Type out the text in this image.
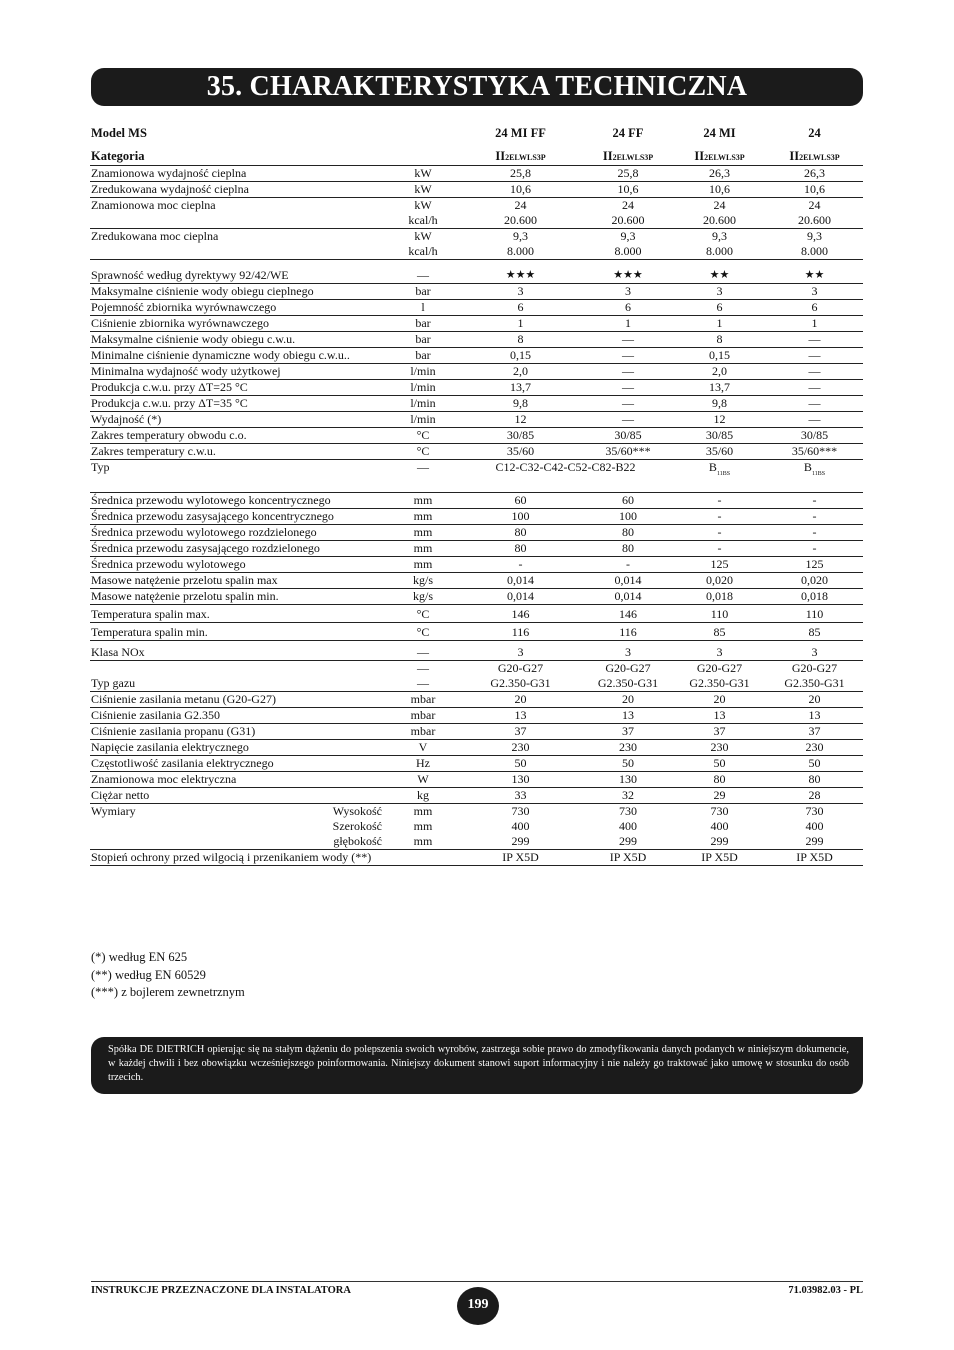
35. CHARAKTERYSTYKA TECHNICZNA
Model MS			24 MI FF	24 FF	24 MI	24

Kategoria			II2ELWLS3P	II2ELWLS3P	II2ELWLS3P	II2ELWLS3P
Znamionowa wydajność cieplna		kW	25,8	25,8	26,3	26,3
Zredukowana wydajność cieplna		kW	10,6	10,6	10,6	10,6
Znamionowa moc cieplna		kW	24	24	24	24
		kcal/h	20.600	20.600	20.600	20.600
Zredukowana moc cieplna		kW	9,3	9,3	9,3	9,3
		kcal/h	8.000	8.000	8.000	8.000
Sprawność według dyrektywy 92/42/WE		—	★★★	★★★	★★	★★
Maksymalne ciśnienie wody obiegu cieplnego		bar	3	3	3	3
Pojemność zbiornika wyrównawczego		l	6	6	6	6
Ciśnienie zbiornika wyrównawczego		bar	1	1	1	1
Maksymalne ciśnienie wody obiegu c.w.u.		bar	8	—	8	—
Minimalne ciśnienie dynamiczne wody obiegu c.w.u..		bar	0,15	—	0,15	—
Minimalna wydajność wody użytkowej		l/min	2,0	—	2,0	—
Produkcja c.w.u. przy ΔT=25 °C		l/min	13,7	—	13,7	—
Produkcja c.w.u. przy ΔT=35 °C		l/min	9,8	—	9,8	—
Wydajność (*)		l/min	12	—	12	—
Zakres temperatury obwodu c.o.		°C	30/85	30/85	30/85	30/85
Zakres temperatury c.w.u.		°C	35/60	35/60***	35/60	35/60***
Typ		—	C12-C32-C42-C52-C82-B22		$B_{11BS}$	$B_{11BS}$
Średnica przewodu wylotowego koncentrycznego		mm	60	60	-	-
Średnica przewodu zasysającego koncentrycznego		mm	100	100	-	-
Średnica przewodu wylotowego rozdzielonego		mm	80	80	-	-
Średnica przewodu zasysającego rozdzielonego		mm	80	80	-	-
Średnica przewodu wylotowego		mm	-	-	125	125
Masowe natężenie przelotu spalin max		kg/s	0,014	0,014	0,020	0,020
Masowe natężenie przelotu spalin min.		kg/s	0,014	0,014	0,018	0,018
Temperatura spalin max.		°C	146	146	110	110
Temperatura spalin min.		°C	116	116	85	85
Klasa NOx		—	3	3	3	3
		—	G20-G27	G20-G27	G20-G27	G20-G27
Typ gazu		—	G2.350-G31	G2.350-G31	G2.350-G31	G2.350-G31
Ciśnienie zasilania metanu (G20-G27)		mbar	20	20	20	20
Ciśnienie zasilania G2.350		mbar	13	13	13	13
Ciśnienie zasilania propanu (G31)		mbar	37	37	37	37
Napięcie zasilania elektrycznego		V	230	230	230	230
Częstotliwość zasilania elektrycznego		Hz	50	50	50	50
Znamionowa moc elektryczna		W	130	130	80	80
Ciężar netto		kg	33	32	29	28
Wymiary	Wysokość	mm	730	730	730	730
	Szerokość	mm	400	400	400	400
	głębokość	mm	299	299	299	299
Stopień ochrony przed wilgocią i przenikaniem wody (**)			IP X5D	IP X5D	IP X5D	IP X5D
(*) według EN 625
(**) według EN 60529
(***) z bojlerem zewnetrznym
Spółka DE DIETRICH opierając się na stałym dążeniu do polepszenia swoich wyrobów, zastrzega sobie prawo do zmodyfikowania danych podanych w niniejszym dokumencie, w każdej chwili i bez obowiązku wcześniejszego poinformowania. Niniejszy dokument stanowi suport informacyjny i nie należy go traktować jako umowę w stosunku do osób trzecich.
INSTRUKCJE PRZEZNACZONE DLA INSTALATORA
199
71.03982.03 - PL
